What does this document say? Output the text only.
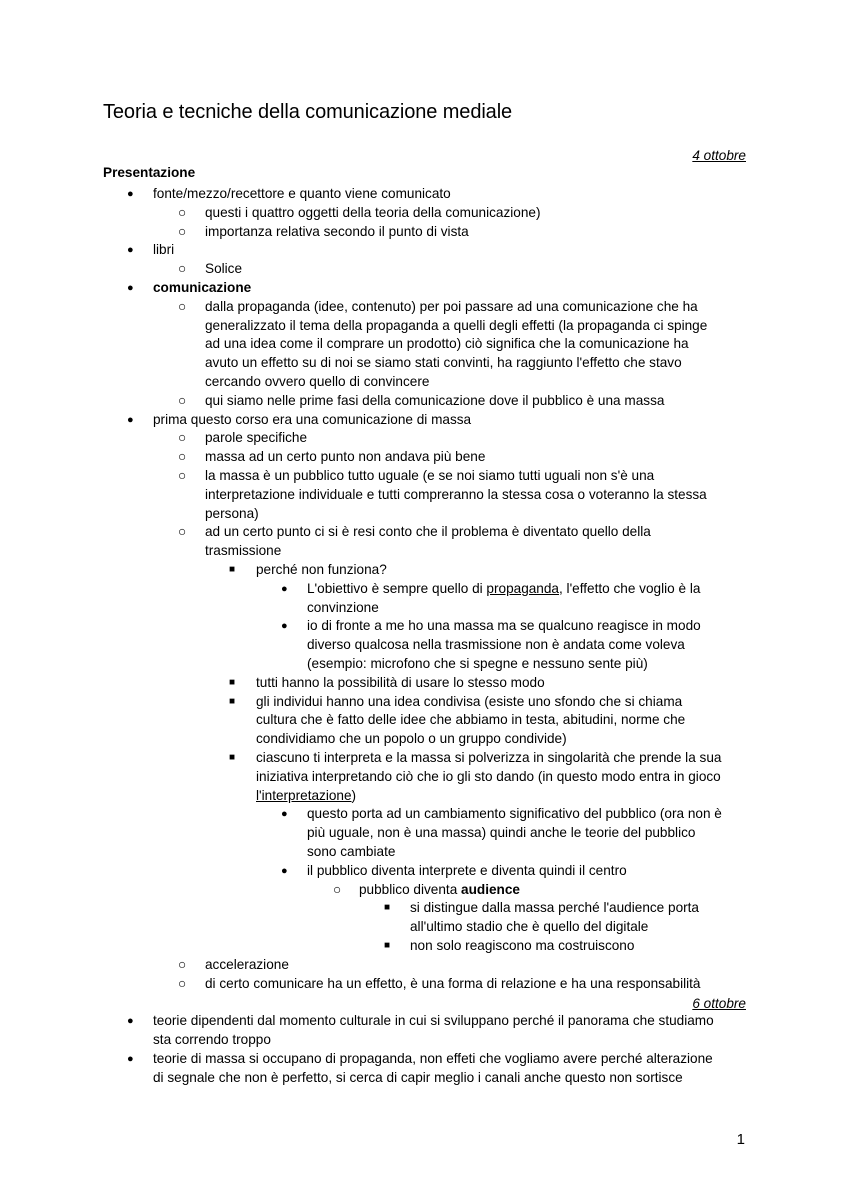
Teoria e tecniche della comunicazione mediale
4 ottobre
Presentazione
● fonte/mezzo/recettore e quanto viene comunicato
○ questi i quattro oggetti della teoria della comunicazione)
○ importanza relativa secondo il punto di vista
● libri
○ Solice
● comunicazione
○ dalla propaganda (idee, contenuto) per poi passare ad una comunicazione che ha
generalizzato il tema della propaganda a quelli degli effetti (la propaganda ci spinge
ad una idea come il comprare un prodotto) ciò significa che la comunicazione ha
avuto un effetto su di noi se siamo stati convinti, ha raggiunto l'effetto che stavo
cercando ovvero quello di convincere
○ qui siamo nelle prime fasi della comunicazione dove il pubblico è una massa
● prima questo corso era una comunicazione di massa
○ parole specifiche
○ massa ad un certo punto non andava più bene
○ la massa è un pubblico tutto uguale (e se noi siamo tutti uguali non s'è una
interpretazione individuale e tutti compreranno la stessa cosa o voteranno la stessa
persona)
○ ad un certo punto ci si è resi conto che il problema è diventato quello della
trasmissione
■ perché non funziona?
● L'obiettivo è sempre quello di propaganda, l'effetto che voglio è la
convinzione
● io di fronte a me ho una massa ma se qualcuno reagisce in modo
diverso qualcosa nella trasmissione non è andata come voleva
(esempio: microfono che si spegne e nessuno sente più)
■ tutti hanno la possibilità di usare lo stesso modo
■ gli individui hanno una idea condivisa (esiste uno sfondo che si chiama
cultura che è fatto delle idee che abbiamo in testa, abitudini, norme che
condividiamo che un popolo o un gruppo condivide)
■ ciascuno ti interpreta e la massa si polverizza in singolarità che prende la sua
iniziativa interpretando ciò che io gli sto dando (in questo modo entra in gioco
l'interpretazione)
● questo porta ad un cambiamento significativo del pubblico (ora non è
più uguale, non è una massa) quindi anche le teorie del pubblico
sono cambiate
● il pubblico diventa interprete e diventa quindi il centro
○ pubblico diventa audience
■ si distingue dalla massa perché l'audience porta
all'ultimo stadio che è quello del digitale
■ non solo reagiscono ma costruiscono
○ accelerazione
○ di certo comunicare ha un effetto, è una forma di relazione e ha una responsabilità
● teorie dipendenti dal momento culturale in cui si sviluppano perché il panorama che studiamo
sta correndo troppo
● teorie di massa si occupano di propaganda, non effeti che vogliamo avere perché alterazione
di segnale che non è perfetto, si cerca di capir meglio i canali anche questo non sortisce
6 ottobre
1
